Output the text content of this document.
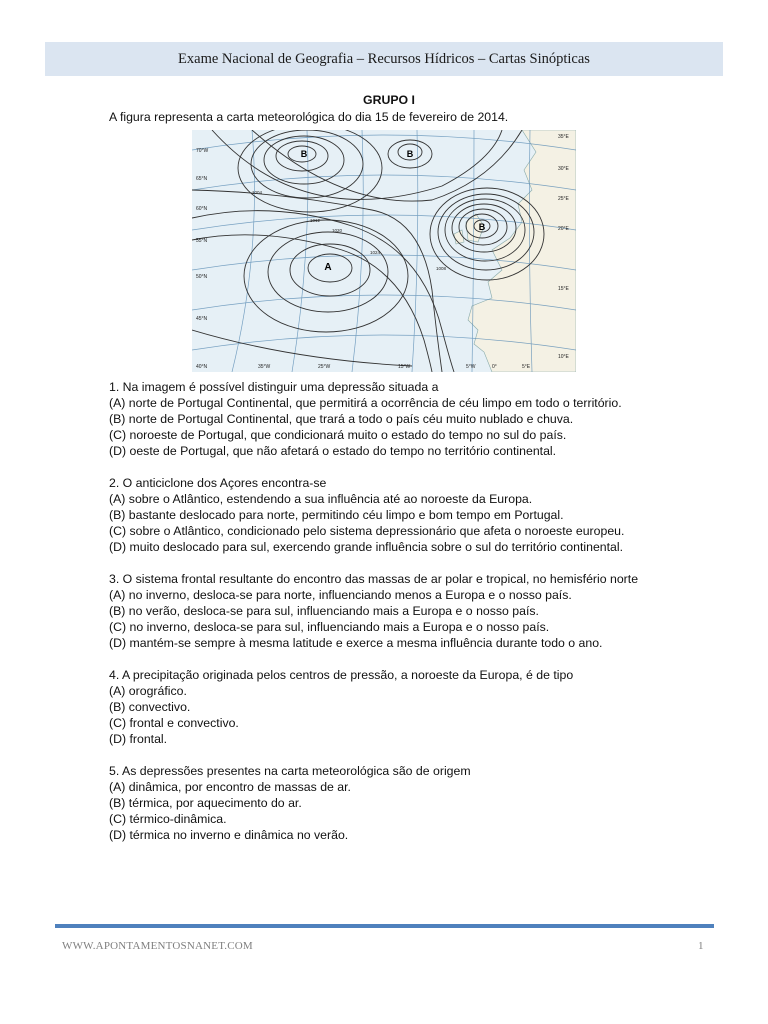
Exame Nacional de Geografia – Recursos Hídricos – Cartas Sinópticas

GRUPO I

A figura representa a carta meteorológica do dia 15 de fevereiro de 2014.

B	B
B
A
70°W
65°N
60°N
55°N
50°N
45°N
40°N	35°W	25°W	15°W	5°W	0°	5°E
35°E
30°E
25°E
20°E
15°E
10°E
1004
1012
1020
1024
1008
1. Na imagem é possível distinguir uma depressão situada a
(A) norte de Portugal Continental, que permitirá a ocorrência de céu limpo em todo o território.
(B) norte de Portugal Continental, que trará a todo o país céu muito nublado e chuva.
(C) noroeste de Portugal, que condicionará muito o estado do tempo no sul do país.
(D) oeste de Portugal, que não afetará o estado do tempo no território continental.
2. O anticiclone dos Açores encontra-se
(A) sobre o Atlântico, estendendo a sua influência até ao noroeste da Europa.
(B) bastante deslocado para norte, permitindo céu limpo e bom tempo em Portugal.
(C) sobre o Atlântico, condicionado pelo sistema depressionário que afeta o noroeste europeu.
(D) muito deslocado para sul, exercendo grande influência sobre o sul do território continental.
3. O sistema frontal resultante do encontro das massas de ar polar e tropical, no hemisfério norte
(A) no inverno, desloca-se para norte, influenciando menos a Europa e o nosso país.
(B) no verão, desloca-se para sul, influenciando mais a Europa e o nosso país.
(C) no inverno, desloca-se para sul, influenciando mais a Europa e o nosso país.
(D) mantém-se sempre à mesma latitude e exerce a mesma influência durante todo o ano.
4. A precipitação originada pelos centros de pressão, a noroeste da Europa, é de tipo
(A) orográfico.
(B) convectivo.
(C) frontal e convectivo.
(D) frontal.
5. As depressões presentes na carta meteorológica são de origem
(A) dinâmica, por encontro de massas de ar.
(B) térmica, por aquecimento do ar.
(C) térmico-dinâmica.
(D) térmica no inverno e dinâmica no verão.
WWW.APONTAMENTOSNANET.COM	1
